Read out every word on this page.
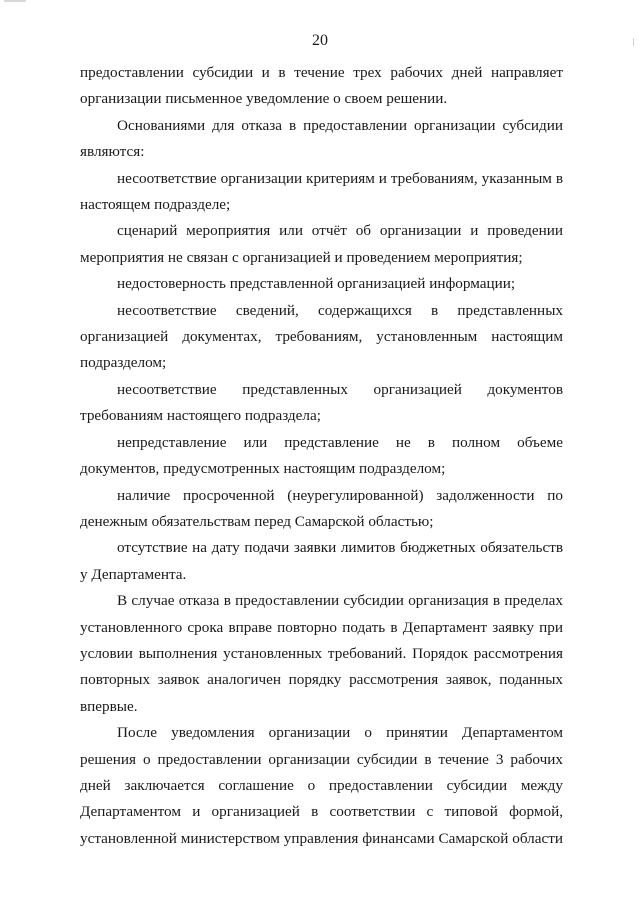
20

предоставлении субсидии и в течение трех рабочих дней направляет организации письменное уведомление о своем решении.

Основаниями для отказа в предоставлении организации субсидии являются:

несоответствие организации критериям и требованиям, указанным в настоящем подразделе;

сценарий мероприятия или отчёт об организации и проведении мероприятия не связан с организацией и проведением мероприятия;

недостоверность представленной организацией информации;

несоответствие сведений, содержащихся в представленных организацией документах, требованиям, установленным настоящим подразделом;

несоответствие представленных организацией документов требованиям настоящего подраздела;

непредставление или представление не в полном объеме документов, предусмотренных настоящим подразделом;

наличие просроченной (неурегулированной) задолженности по денежным обязательствам перед Самарской областью;

отсутствие на дату подачи заявки лимитов бюджетных обязательств у Департамента.

В случае отказа в предоставлении субсидии организация в пределах установленного срока вправе повторно подать в Департамент заявку при условии выполнения установленных требований. Порядок рассмотрения повторных заявок аналогичен порядку рассмотрения заявок, поданных впервые.

После уведомления организации о принятии Департаментом решения о предоставлении организации субсидии в течение 3 рабочих дней заключается соглашение о предоставлении субсидии между Департаментом и организацией в соответствии с типовой формой, установленной министерством управления финансами Самарской области
